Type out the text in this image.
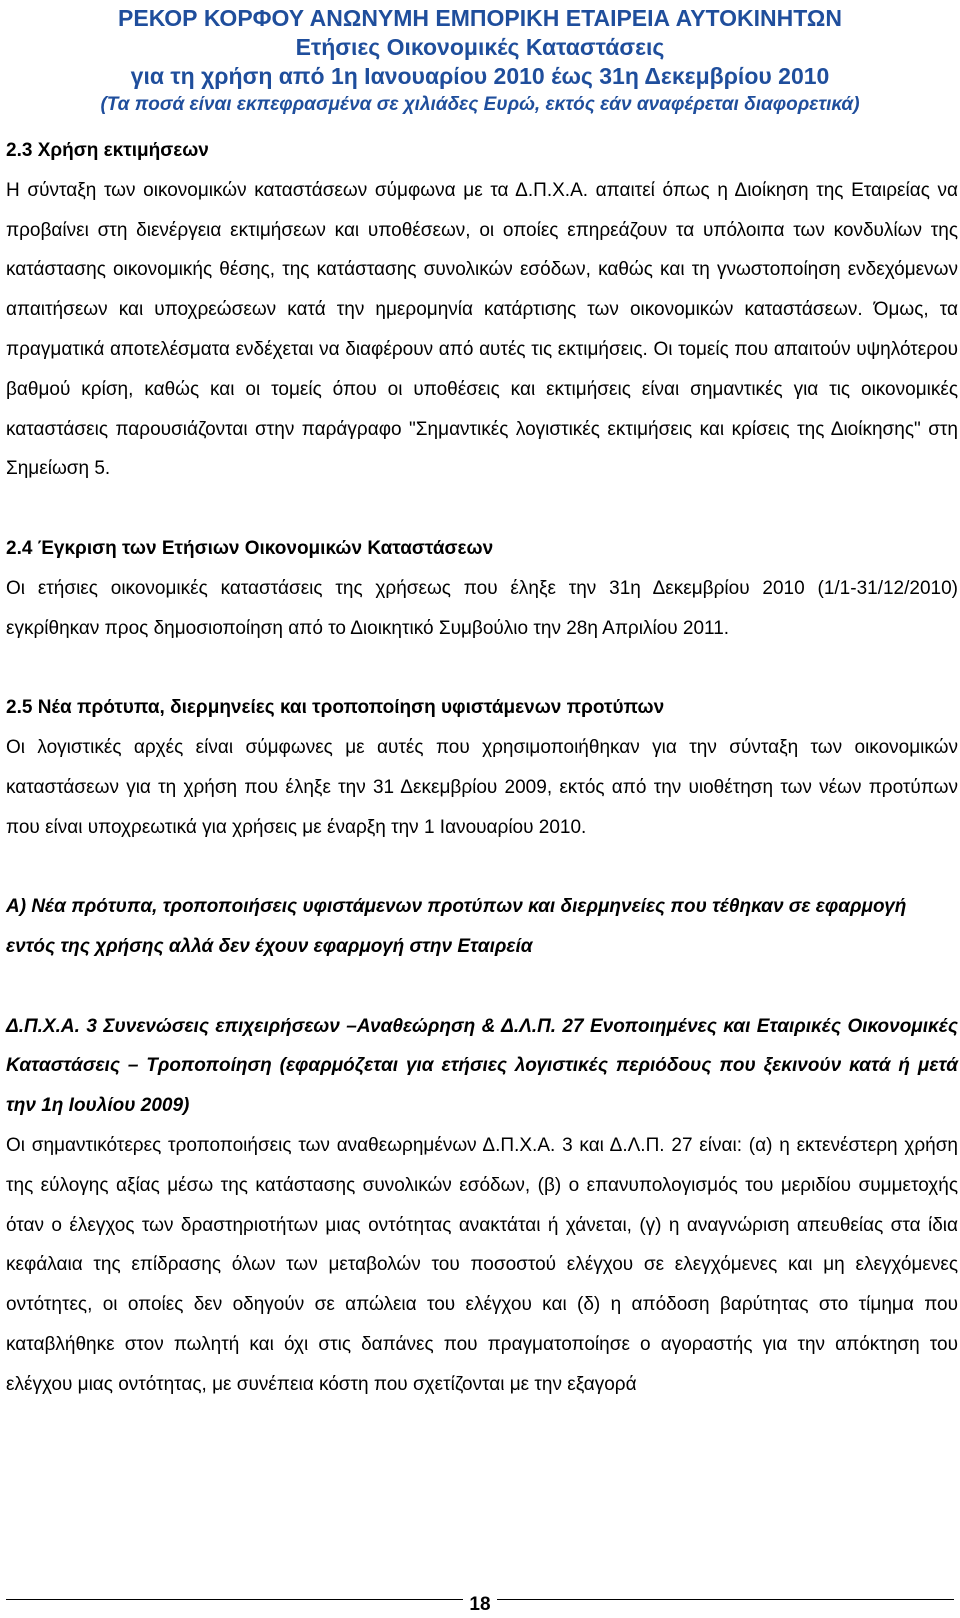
ΡΕΚΟΡ ΚΟΡΦΟΥ ΑΝΩΝΥΜΗ ΕΜΠΟΡΙΚΗ ΕΤΑΙΡΕΙΑ ΑΥΤΟΚΙΝΗΤΩΝ
Ετήσιες Οικονομικές Καταστάσεις
για τη χρήση από 1η Ιανουαρίου 2010 έως 31η Δεκεμβρίου 2010
(Τα ποσά είναι εκπεφρασμένα σε χιλιάδες Ευρώ, εκτός εάν αναφέρεται διαφορετικά)

2.3 Χρήση εκτιμήσεων

Η σύνταξη των οικονομικών καταστάσεων σύμφωνα με τα Δ.Π.Χ.Α. απαιτεί όπως η Διοίκηση της Εταιρείας να προβαίνει στη διενέργεια εκτιμήσεων και υποθέσεων, οι οποίες επηρεάζουν τα υπόλοιπα των κονδυλίων της κατάστασης οικονομικής θέσης, της κατάστασης συνολικών εσόδων, καθώς και τη γνωστοποίηση ενδεχόμενων απαιτήσεων και υποχρεώσεων κατά την ημερομηνία κατάρτισης των οικονομικών καταστάσεων. Όμως, τα πραγματικά αποτελέσματα ενδέχεται να διαφέρουν από αυτές τις εκτιμήσεις. Οι τομείς που απαιτούν υψηλότερου βαθμού κρίση, καθώς και οι τομείς όπου οι υποθέσεις και εκτιμήσεις είναι σημαντικές για τις οικονομικές καταστάσεις παρουσιάζονται στην παράγραφο "Σημαντικές λογιστικές εκτιμήσεις και κρίσεις της Διοίκησης" στη Σημείωση 5.

2.4 Έγκριση των Ετήσιων Οικονομικών Καταστάσεων

Οι ετήσιες οικονομικές καταστάσεις της χρήσεως που έληξε την 31η Δεκεμβρίου 2010 (1/1-31/12/2010) εγκρίθηκαν προς δημοσιοποίηση από το Διοικητικό Συμβούλιο την 28η Απριλίου 2011.

2.5 Νέα πρότυπα, διερμηνείες και τροποποίηση υφιστάμενων προτύπων

Οι λογιστικές αρχές είναι σύμφωνες με αυτές που χρησιμοποιήθηκαν για την σύνταξη των οικονομικών καταστάσεων για τη χρήση που έληξε την 31 Δεκεμβρίου 2009, εκτός από την υιοθέτηση των νέων προτύπων που είναι υποχρεωτικά για χρήσεις με έναρξη την 1 Ιανουαρίου 2010.

Α) Νέα πρότυπα, τροποποιήσεις υφιστάμενων προτύπων και διερμηνείες που τέθηκαν σε εφαρμογή εντός της χρήσης αλλά δεν έχουν εφαρμογή στην Εταιρεία

Δ.Π.Χ.Α. 3 Συνενώσεις επιχειρήσεων –Αναθεώρηση & Δ.Λ.Π. 27 Ενοποιημένες και Εταιρικές Οικονομικές Καταστάσεις – Τροποποίηση (εφαρμόζεται για ετήσιες λογιστικές περιόδους που ξεκινούν κατά ή μετά την 1η Ιουλίου 2009)

Οι σημαντικότερες τροποποιήσεις των αναθεωρημένων Δ.Π.Χ.Α. 3 και Δ.Λ.Π. 27 είναι: (α) η εκτενέστερη χρήση της εύλογης αξίας μέσω της κατάστασης συνολικών εσόδων, (β) ο επανυπολογισμός του μεριδίου συμμετοχής όταν ο έλεγχος των δραστηριοτήτων μιας οντότητας ανακτάται ή χάνεται, (γ) η αναγνώριση απευθείας στα ίδια κεφάλαια της επίδρασης όλων των μεταβολών του ποσοστού ελέγχου σε ελεγχόμενες και μη ελεγχόμενες οντότητες, οι οποίες δεν οδηγούν σε απώλεια του ελέγχου και (δ) η απόδοση βαρύτητας στο τίμημα που καταβλήθηκε στον πωλητή και όχι στις δαπάνες που πραγματοποίησε ο αγοραστής για την απόκτηση του ελέγχου μιας οντότητας, με συνέπεια κόστη που σχετίζονται με την εξαγορά

18
